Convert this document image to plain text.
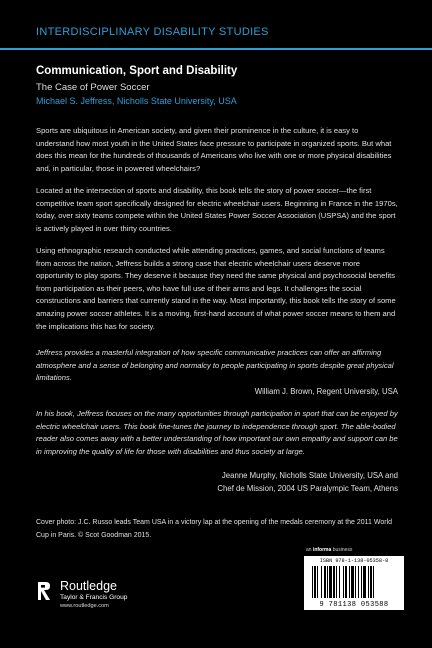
INTERDISCIPLINARY DISABILITY STUDIES
Communication, Sport and Disability
The Case of Power Soccer
Michael S. Jeffress, Nicholls State University, USA
Sports are ubiquitous in American society, and given their prominence in the culture, it is easy to understand how most youth in the United States face pressure to participate in organized sports. But what does this mean for the hundreds of thousands of Americans who live with one or more physical disabilities and, in particular, those in powered wheelchairs?
Located at the intersection of sports and disability, this book tells the story of power soccer—the first competitive team sport specifically designed for electric wheelchair users. Beginning in France in the 1970s, today, over sixty teams compete within the United States Power Soccer Association (USPSA) and the sport is actively played in over thirty countries.
Using ethnographic research conducted while attending practices, games, and social functions of teams from across the nation, Jeffress builds a strong case that electric wheelchair users deserve more opportunity to play sports. They deserve it because they need the same physical and psychosocial benefits from participation as their peers, who have full use of their arms and legs. It challenges the social constructions and barriers that currently stand in the way. Most importantly, this book tells the story of some amazing power soccer athletes. It is a moving, first-hand account of what power soccer means to them and the implications this has for society.
Jeffress provides a masterful integration of how specific communicative practices can offer an affirming atmosphere and a sense of belonging and normalcy to people participating in sports despite great physical limitations.
William J. Brown, Regent University, USA
In his book, Jeffress focuses on the many opportunities through participation in sport that can be enjoyed by electric wheelchair users. This book fine-tunes the journey to independence through sport. The able-bodied reader also comes away with a better understanding of how important our own empathy and support can be in improving the quality of life for those with disabilities and thus society at large.
Jeanne Murphy, Nicholls State University, USA and
Chef de Mission, 2004 US Paralympic Team, Athens
Cover photo: J.C. Russo leads Team USA in a victory lap at the opening of the medals ceremony at the 2011 World Cup in Paris. © Scot Goodman 2015.
an informa business
ISBN 978-1-138-05358-8
9 781138 053588
Routledge
Taylor & Francis Group
www.routledge.com
